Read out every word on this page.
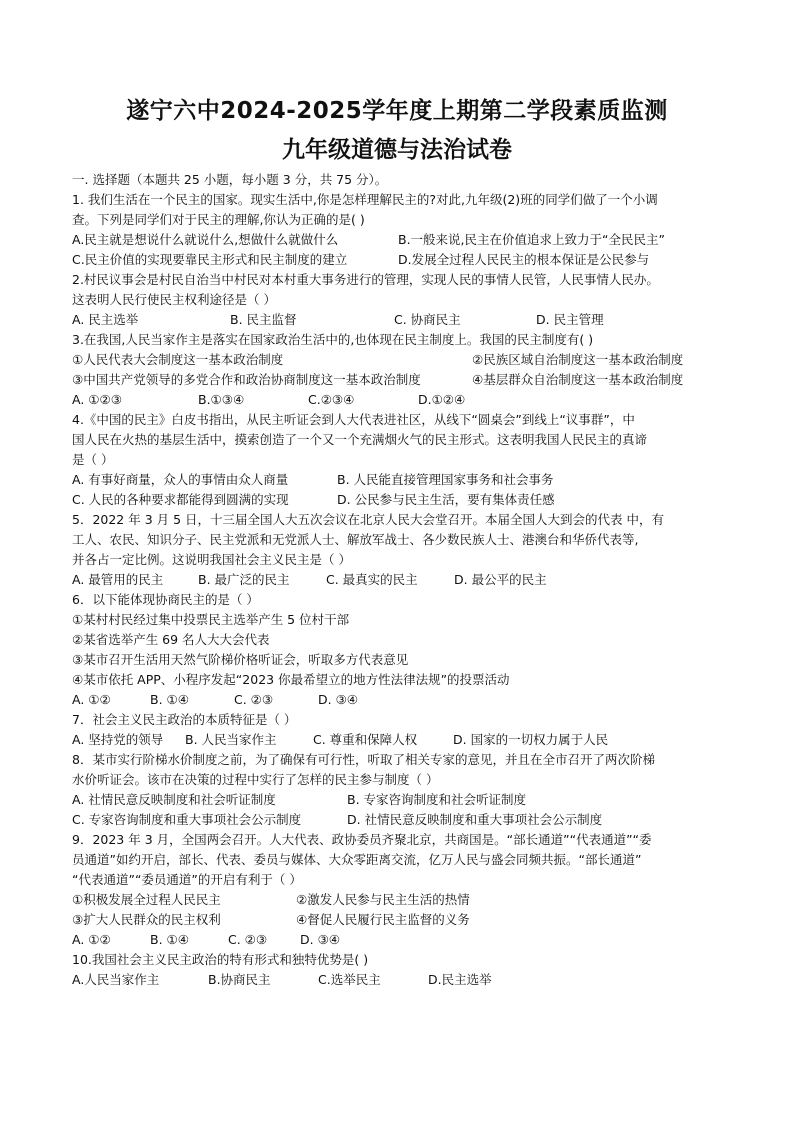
遂宁六中2024-2025学年度上期第二学段素质监测
九年级道德与法治试卷
一. 选择题（本题共 25 小题，每小题 3 分，共 75 分）。
1. 我们生活在一个民主的国家。现实生活中,你是怎样理解民主的?对此,九年级(2)班的同学们做了一个小调
查。下列是同学们对于民主的理解,你认为正确的是( )
A.民主就是想说什么就说什么,想做什么就做什么	B.一般来说,民主在价值追求上致力于“全民民主”
C.民主价值的实现要靠民主形式和民主制度的建立	D.发展全过程人民民主的根本保证是公民参与
2.村民议事会是村民自治当中村民对本村重大事务进行的管理，实现人民的事情人民管，人民事情人民办。
这表明人民行使民主权利途径是（ ）
A. 民主选举	B. 民主监督	C. 协商民主	D. 民主管理
3.在我国,人民当家作主是落实在国家政治生活中的,也体现在民主制度上。我国的民主制度有( )
①人民代表大会制度这一基本政治制度	②民族区域自治制度这一基本政治制度
③中国共产党领导的多党合作和政治协商制度这一基本政治制度	④基层群众自治制度这一基本政治制度
A. ①②③	B.①③④	C.②③④	D.①②④
4.《中国的民主》白皮书指出，从民主听证会到人大代表进社区，从线下“圆桌会”到线上“议事群”，中
国人民在火热的基层生活中，摸索创造了一个又一个充满烟火气的民主形式。这表明我国人民民主的真谛
是（ ）
A. 有事好商量，众人的事情由众人商量	B. 人民能直接管理国家事务和社会事务
C. 人民的各种要求都能得到圆满的实现	D. 公民参与民主生活，要有集体责任感
5．2022 年 3 月 5 日，十三届全国人大五次会议在北京人民大会堂召开。本届全国人大到会的代表 中，有
工人、农民、知识分子、民主党派和无党派人士、解放军战士、各少数民族人士、港澳台和华侨代表等,
并各占一定比例。这说明我国社会主义民主是（ ）
A. 最管用的民主	B. 最广泛的民主	C. 最真实的民主	D. 最公平的民主
6．以下能体现协商民主的是（ ）
①某村村民经过集中投票民主选举产生 5 位村干部
②某省选举产生 69 名人大大会代表
③某市召开生活用天然气阶梯价格听证会，听取多方代表意见
④某市依托 APP、小程序发起“2023 你最希望立的地方性法律法规”的投票活动
A. ①②	B. ①④	C. ②③	D. ③④
7．社会主义民主政治的本质特征是（ ）
A. 坚持党的领导	B. 人民当家作主	C. 尊重和保障人权	D. 国家的一切权力属于人民
8．某市实行阶梯水价制度之前，为了确保有可行性，听取了相关专家的意见，并且在全市召开了两次阶梯
水价听证会。该市在决策的过程中实行了怎样的民主参与制度（ ）
A. 社情民意反映制度和社会听证制度	B. 专家咨询制度和社会听证制度
C. 专家咨询制度和重大事项社会公示制度	D. 社情民意反映制度和重大事项社会公示制度
9．2023 年 3 月，全国两会召开。人大代表、政协委员齐聚北京，共商国是。“部长通道”“代表通道”“委
员通道”如约开启，部长、代表、委员与媒体、大众零距离交流，亿万人民与盛会同频共振。“部长通道”
“代表通道”“委员通道”的开启有利于（ ）
①积极发展全过程人民民主	②激发人民参与民主生活的热情
③扩大人民群众的民主权利	④督促人民履行民主监督的义务
A. ①②	B. ①④	C. ②③	D. ③④
10.我国社会主义民主政治的特有形式和独特优势是( )
A.人民当家作主	B.协商民主	C.选举民主	D.民主选举
